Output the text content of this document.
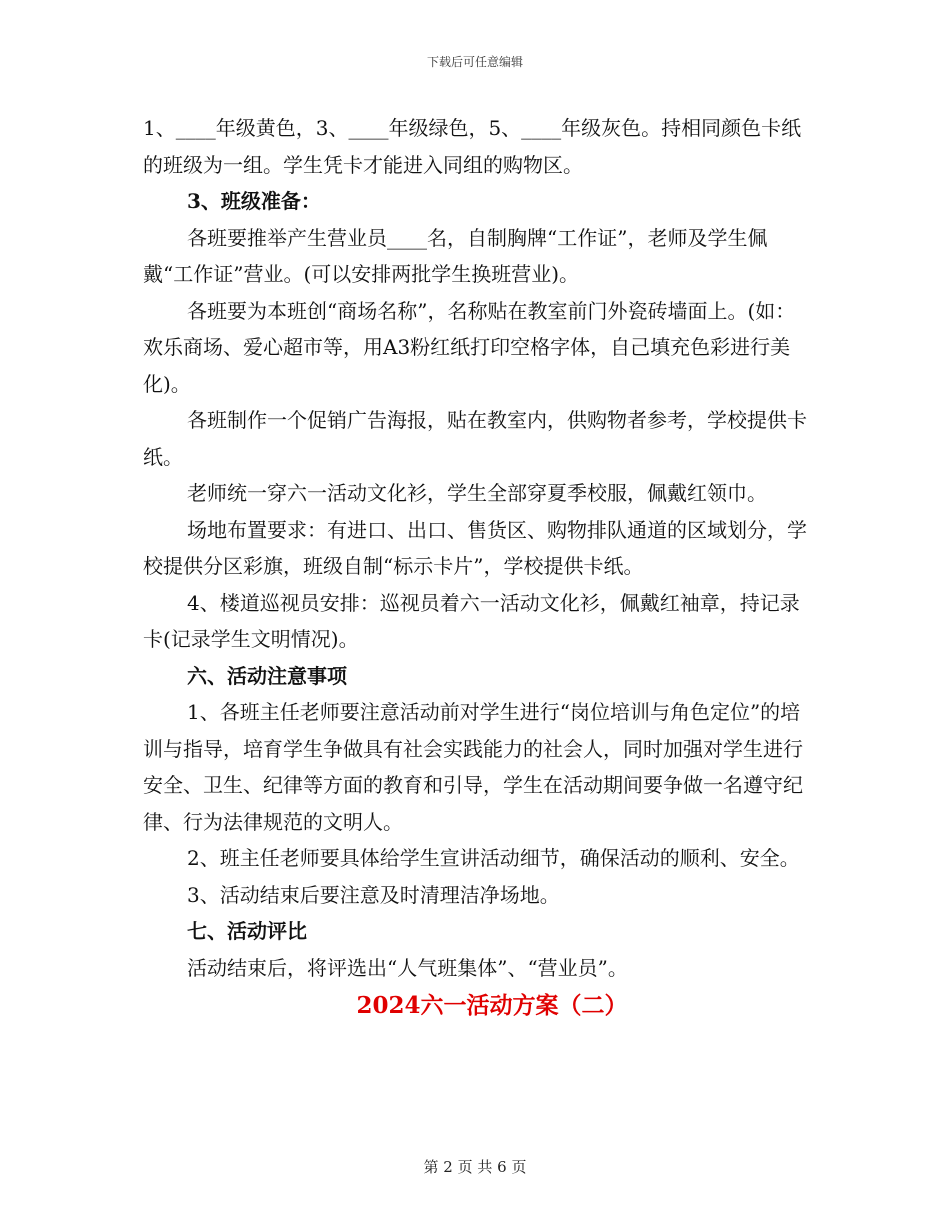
下载后可任意编辑

1、____年级黄色，3、____年级绿色，5、____年级灰色。持相同颜色卡纸的班级为一组。学生凭卡才能进入同组的购物区。

3、班级准备：

各班要推举产生营业员____名，自制胸牌“工作证”，老师及学生佩戴“工作证”营业。(可以安排两批学生换班营业)。

各班要为本班创“商场名称”，名称贴在教室前门外瓷砖墙面上。(如：欢乐商场、爱心超市等，用A3粉红纸打印空格字体，自己填充色彩进行美化)。

各班制作一个促销广告海报，贴在教室内，供购物者参考，学校提供卡纸。

老师统一穿六一活动文化衫，学生全部穿夏季校服，佩戴红领巾。

场地布置要求：有进口、出口、售货区、购物排队通道的区域划分，学校提供分区彩旗，班级自制“标示卡片”，学校提供卡纸。

4、楼道巡视员安排：巡视员着六一活动文化衫，佩戴红袖章，持记录卡(记录学生文明情况)。

六、活动注意事项

1、各班主任老师要注意活动前对学生进行“岗位培训与角色定位”的培训与指导，培育学生争做具有社会实践能力的社会人，同时加强对学生进行安全、卫生、纪律等方面的教育和引导，学生在活动期间要争做一名遵守纪律、行为法律规范的文明人。

2、班主任老师要具体给学生宣讲活动细节，确保活动的顺利、安全。

3、活动结束后要注意及时清理洁净场地。

七、活动评比

活动结束后，将评选出“人气班集体”、“营业员”。

2024六一活动方案（二）

第 2 页 共 6 页
